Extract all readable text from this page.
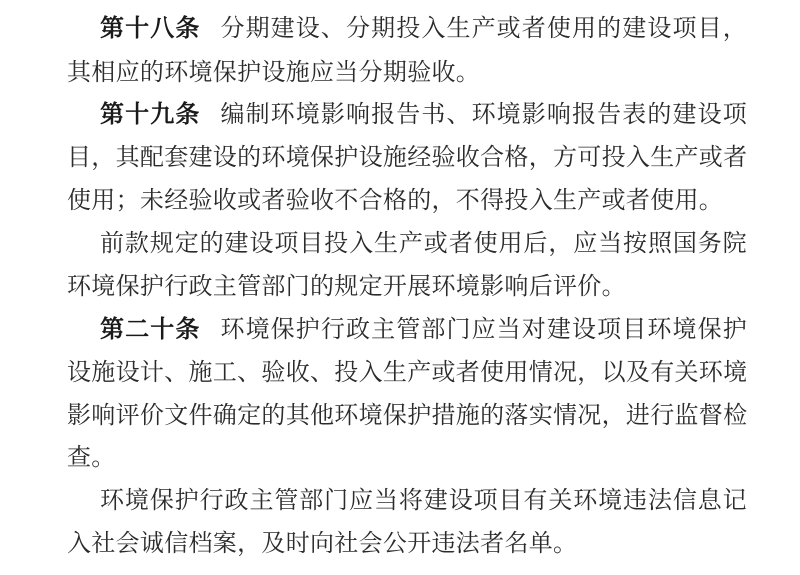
第十八条 分期建设、分期投入生产或者使用的建设项目，
其相应的环境保护设施应当分期验收。
第十九条 编制环境影响报告书、环境影响报告表的建设项
目，其配套建设的环境保护设施经验收合格，方可投入生产或者
使用；未经验收或者验收不合格的，不得投入生产或者使用。
前款规定的建设项目投入生产或者使用后，应当按照国务院
环境保护行政主管部门的规定开展环境影响后评价。
第二十条 环境保护行政主管部门应当对建设项目环境保护
设施设计、施工、验收、投入生产或者使用情况，以及有关环境
影响评价文件确定的其他环境保护措施的落实情况，进行监督检
查。
环境保护行政主管部门应当将建设项目有关环境违法信息记
入社会诚信档案，及时向社会公开违法者名单。
